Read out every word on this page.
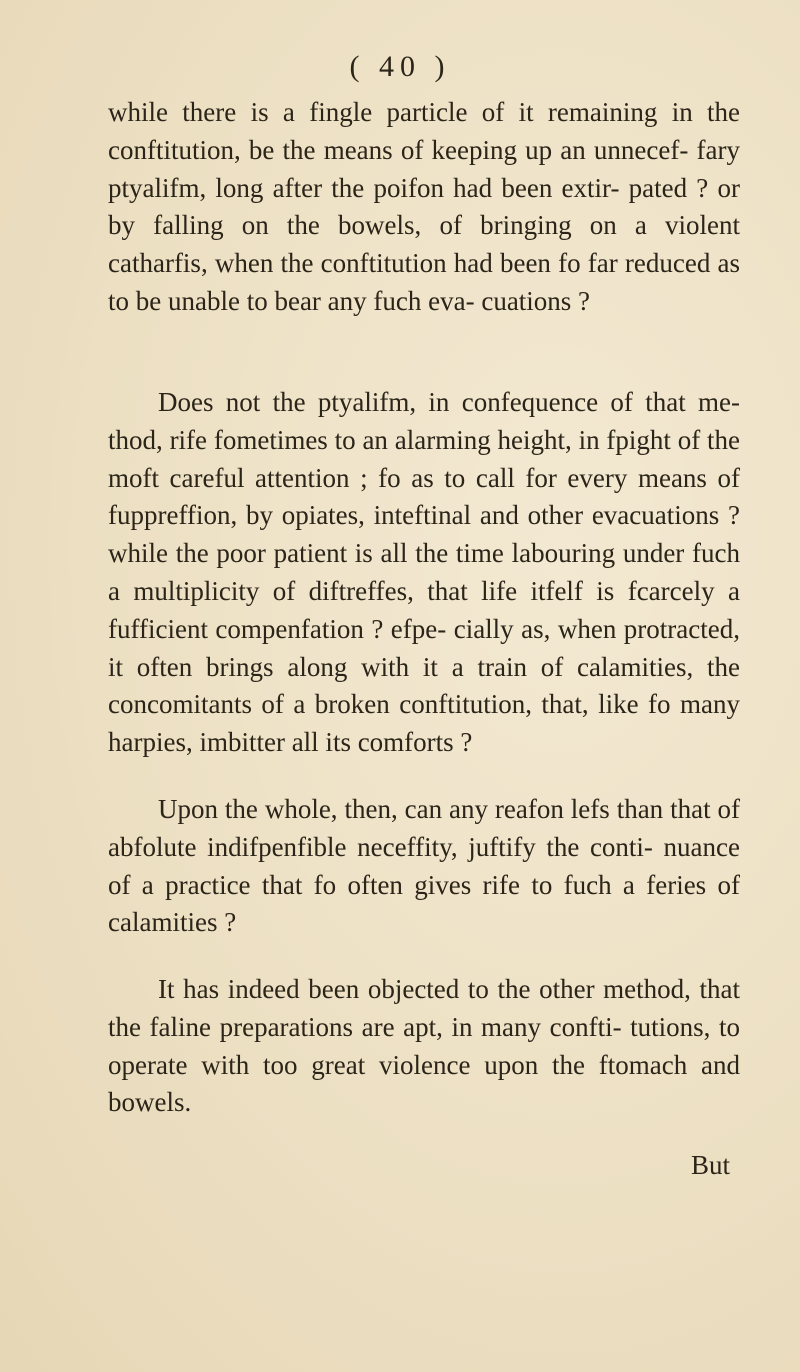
( 40 )

while there is a fingle particle of it remaining in the conftitution, be the means of keeping up an unnecef- fary ptyalifm, long after the poifon had been extir- pated ? or by falling on the bowels, of bringing on a violent catharfis, when the conftitution had been fo far reduced as to be unable to bear any fuch eva- cuations ?

Does not the ptyalifm, in confequence of that me- thod, rife fometimes to an alarming height, in fpight of the moft careful attention ; fo as to call for every means of fuppreffion, by opiates, inteftinal and other evacuations ? while the poor patient is all the time labouring under fuch a multiplicity of diftreffes, that life itfelf is fcarcely a fufficient compenfation ? efpe- cially as, when protracted, it often brings along with it a train of calamities, the concomitants of a broken conftitution, that, like fo many harpies, imbitter all its comforts ?

Upon the whole, then, can any reafon lefs than that of abfolute indifpenfible neceffity, juftify the conti- nuance of a practice that fo often gives rife to fuch a feries of calamities ?

It has indeed been objected to the other method, that the faline preparations are apt, in many confti- tutions, to operate with too great violence upon the ftomach and bowels.

But
